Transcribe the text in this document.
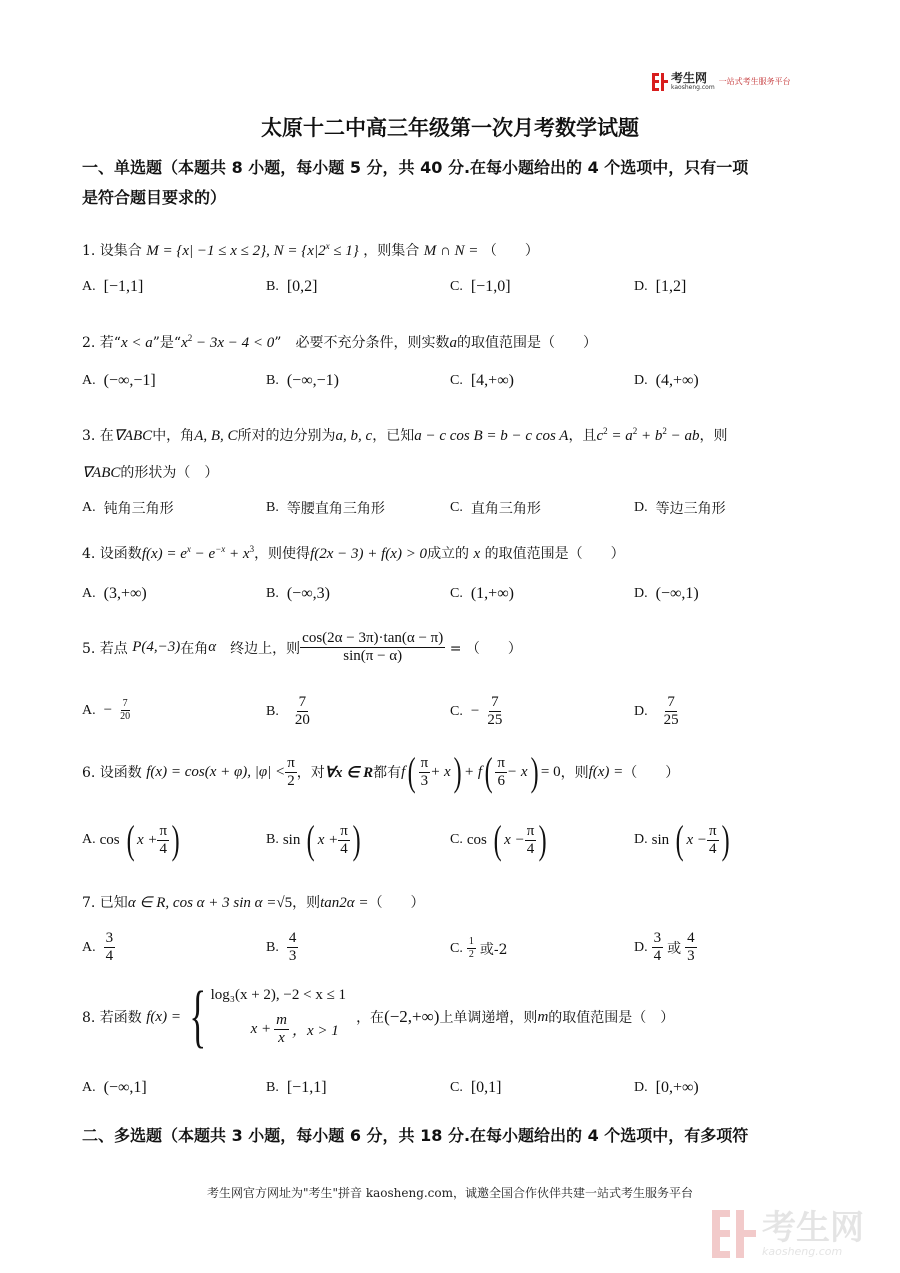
考生网
kaosheng.com
一站式考生服务平台
太原十二中高三年级第一次月考数学试题
一、单选题（本题共 8 小题，每小题 5 分，共 40 分.在每小题给出的 4 个选项中，只有一项
是符合题目要求的）
1. 设集合 M = {x| −1 ≤ x ≤ 2}, $N = \{x|2^x \le 1\}$ ，则集合 M ∩ N = （　　）
A. [−1,1]	B. [0,2]	C. [−1,0]	D. [1,2]
2. 若“x < a”是“$x^2 - 3x - 4 < 0$”　必要不充分条件，则实数a的取值范围是（　　）
A. (−∞,−1]	B. (−∞,−1)	C. [4,+∞)	D. (4,+∞)
3. 在∇ABC中，角A, B, C所对的边分别为a, b, c，已知a − c cos B = b − c cos A，且$c^2 = a^2 + b^2$ − ab，则
∇ABC的形状为（　）
A. 钝角三角形	B. 等腰直角三角形	C. 直角三角形	D. 等边三角形
4. 设函数$f(x) = e^x - e^{-x} + x^3$，则使得f(2x − 3) + f(x) > 0成立的 x 的取值范围是（　　）
A. (3,+∞)	B. (−∞,3)	C. (1,+∞)	D. (−∞,1)
5. 若点
P(4,−3) 在角 α 　终边上，则 $\frac{\cos(2\alpha - 3\pi)\cdot\tan(\alpha - \pi)}{\sin(\pi - \alpha)}$
= （　　）
A. − $\frac{7}{20}$	B. $\frac{7}{20}$	C. − $\frac{7}{25}$	D. $\frac{7}{25}$
6. 设函数
f(x) = cos(x + φ), $|\varphi| < \frac{\pi}{2}$ ，对 ∀x ∈ R 都有 f ( $\frac{\pi}{3} + x$ ) + f ( $\frac{\pi}{6} - x$ ) = 0 ，则 f(x) = （　　）
A. cos ( $x + \frac{\pi}{4}$ )	B. sin ( $x + \frac{\pi}{4}$ )	C. cos ( $x - \frac{\pi}{4}$ )	D. sin ( $x - \frac{\pi}{4}$ )
7. 已知α ∈ R, cos α + 3 sin α =√5，则tan2α =（　　）
A. $\frac{3}{4}$	B. $\frac{4}{3}$	C. $\frac{1}{2}$ 或-2	D. $\frac{3}{4}$ 或 $\frac{4}{3}$
8. 若函数
f(x) = { log₃(x + 2), −2 < x ≤ 1
$x + \frac{m}{x}$ ，x > 1
，在 (−2,+∞) 上单调递增，则 m 的取值范围是（　）
A. (−∞,1]	B. [−1,1]	C. [0,1]	D. [0,+∞)
二、多选题（本题共 3 小题，每小题 6 分，共 18 分.在每小题给出的 4 个选项中，有多项符
考生网官方网址为"考生"拼音 kaosheng.com，诚邀全国合作伙伴共建一站式考生服务平台
考生网
kaosheng.com
